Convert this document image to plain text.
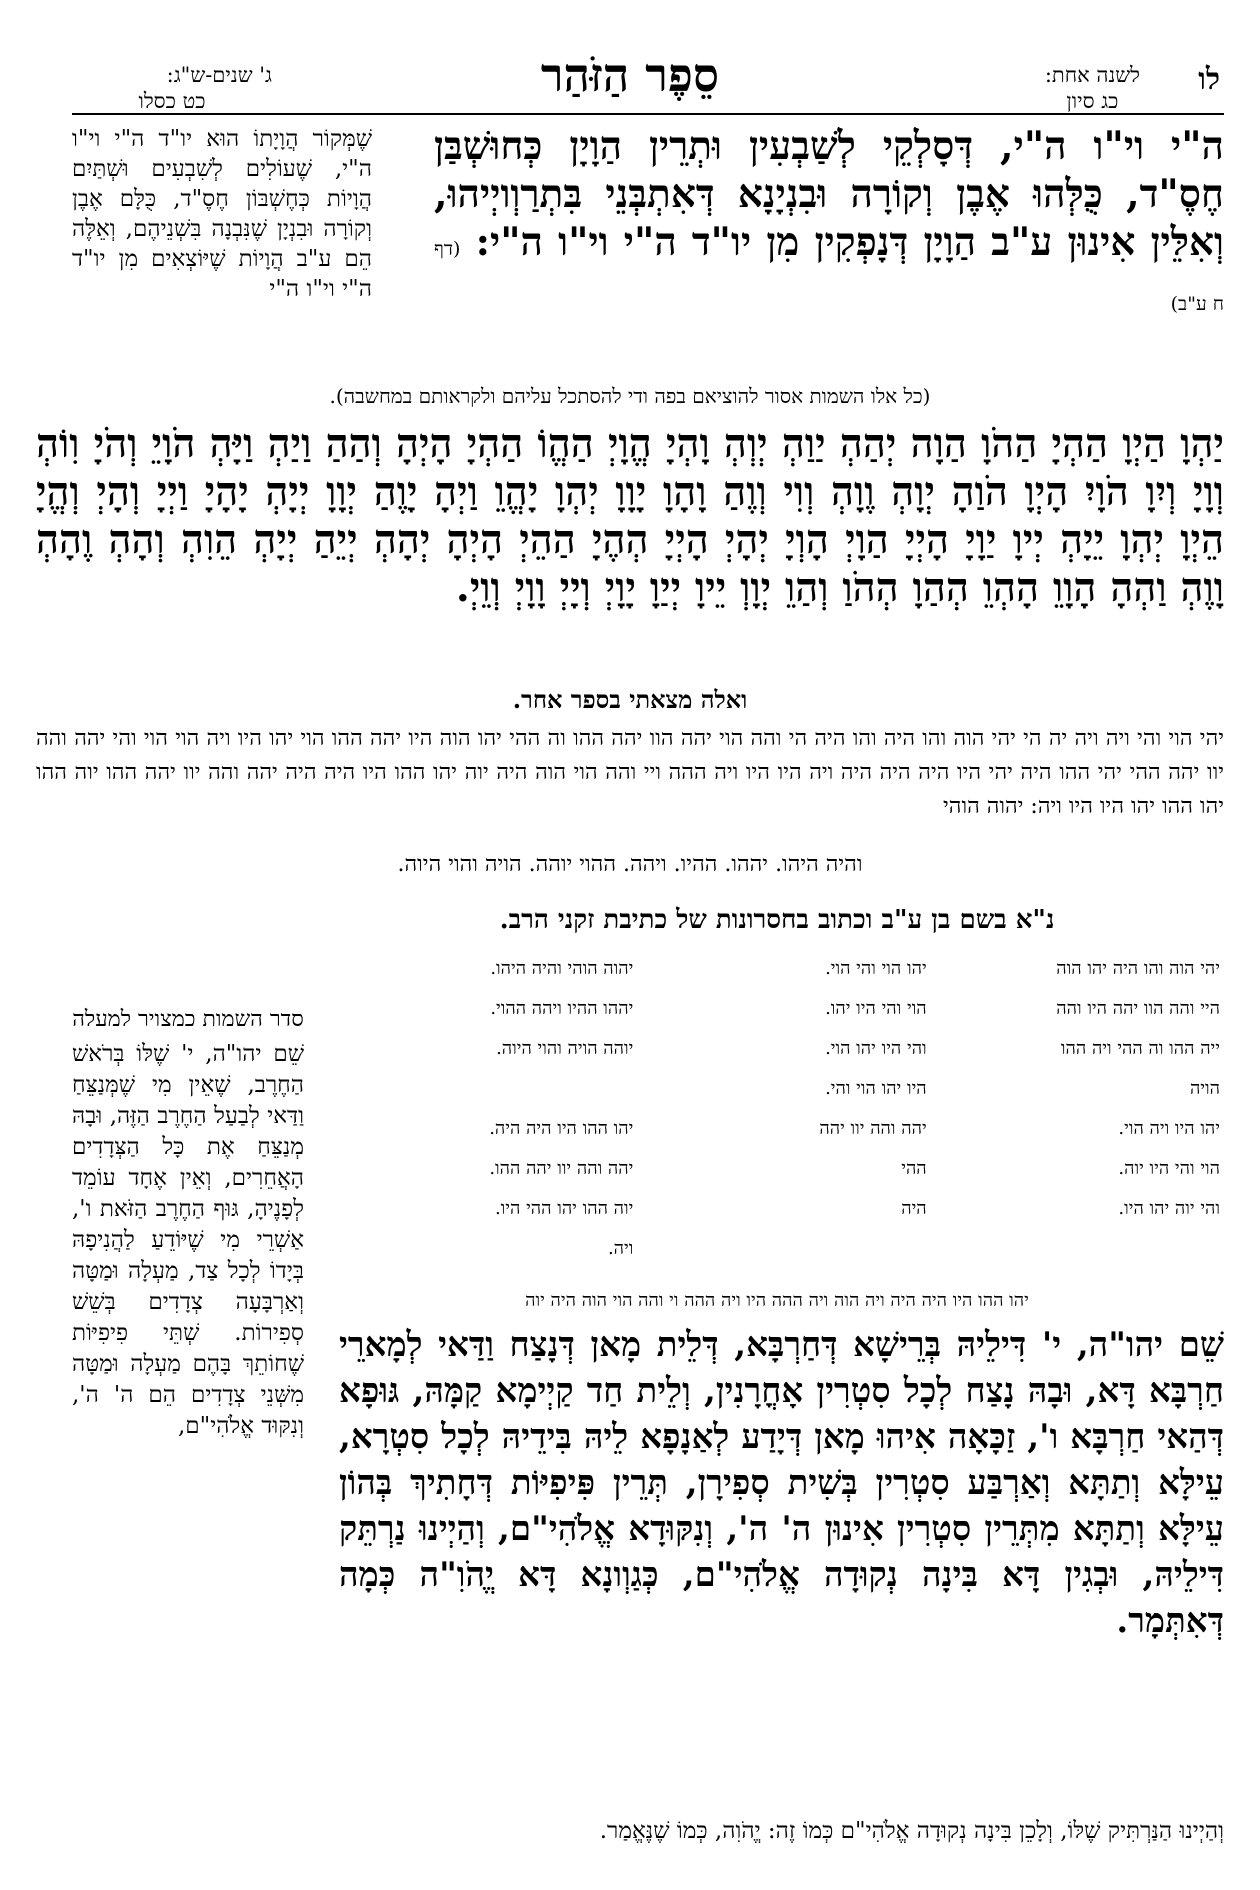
לו
לשנה אחת:
כג סיון
סֵפֶר הַזֹּהַר
ג' שנים-ש"ג:
כט כסלו
ה"י וי"ו ה"י, דְּסָלְקֵי לְשַׁבְעִין וּתְרֵין הַוָיָן כְּחוּשְׁבַּן חֶסֶ"ד, כֻּלְּהוּ אֶבֶן וְקוֹרָה וּבִנְיָנָא דְּאִתְבְּנֵי בִּתְרַוְויְיהוּ, וְאִלֵּין אִינוּן ע"ב הַוָיָן דְּנָפְקִין מִן יו"ד ה"י וי"ו ה"י: (דף ח ע"ב)
שֶׁמְּקוֹר הֲוָיָתוֹ הוּא יו"ד ה"י וי"ו ה"י, שֶׁעוֹלִים לְשִׁבְעִים וּשְׁתַּיִם הֲוָיוֹת כְּחֶשְׁבּוֹן חֶסֶ"ד, כֻּלָּם אֶבֶן וְקוֹרָה וּבִנְיָן שֶׁנִּבְנָה בִּשְׁנֵיהֶם, וְאֵלֶּה הֵם ע"ב הֲוָיוֹת שֶׁיּוֹצְאִים מִן יו"ד ה"י וי"ו ה"י
(כל אלו השמות אסור להוציאם בפה ודי להסתכל עליהם ולקראותם במחשבה).
יַהְוָ הַיְוָ הַהְיָ הַהֹוָ הַוָה יְהַהְ יַוַהְ יְוְהְ וָהְיָ הֱוָיְ הַהֱוֹ הַהְיָ הָיְהָ וְהַהַ וַיַהְ וַיָּהְ הֹוָיֵ וְהֹיָ וִוֹהְ וְוָיָ וְיִוָ הֹוָיִ הָיְוָ הֹוַהָ יְוָהְ וֶוָהְ וְוִי וְוֶהַ וָהָוָ יָוָוָ יְהְוָ יָהֱוֵ וַיְהָ יָוֶהַ יְוָוָ יְיָהְ יָהָיָ וַיְיָ וְהָיְ וְהֱיָ הֵיְוָ יְהְוָ יֵיָהְ יְיוָ יַוָיָ הָיְיָ הַוָיְ הָוְיָ יְהָיְ הָיְיָ הְהֶיָ הַהֵיְ הָיְהָ יְהָהְ יְיֵהַ יְיָהְ הֵוִהְ וְהָהְ וֶהָהְ וָוֶהְ וַהְהָ הָוָוֵ הָהְוֵ הְהַוָ הְהֹוַ וְהַוֵ יְוָוְ יֵיוָ יְיַוָ יָוָיְ וְיָיְ וָוָיְ וְוֵיְ.
ואלה מצאתי בספר אחר.
יהי הוי והי ויה ויה יה הי יהי הוה והו היה והו היה הי והה הוי יהה הוו יהה ההו וה ההי יהו הוה היו יהה ההו הוי יהו היו ויה הוי הוי והי יהה והה יוו יהה ההי יהי ההו היה יהי היו היה היה היה ויה היו היו ויה ההה ויי והה הוי הוה היה יוה יהו ההו היו היה היה יהה והה יוו יהה ההו יוה ההו יהו ההו יהו היו היו ויה: יהוה הוהי
והיה היהו. יההו. ההיו. ויהה. ההוי יוהה. הויה והוי היוה.
נ"א בשם בן ע"ב וכתוב בחסרונות של כתיבת זקני הרב.
יהי הוה והו היה יהו הוה	יהו הוי והי הוי.	יהוה הוהי והיה היהו.
היי והה הוו יהה היו והה	הוי והי היו יהו.	יההו ההיו ויהה ההוי.
ייה ההו וה ההי ויה ההו	והי היו יהו הוי.	יוהה הויה והוי היוה.
הויה	היו יהו הוי והי.	
יהו היו ויה הוי.	יהה והה יוו יהה	יהו ההו היו היה היה.
הוי והי היו יוה.	ההי	יהה והה יוו יהה ההו.
והי יוה יהו היו.	היה	יוה ההו יהו ההי היו.
		ויה.
יהו ההו היו היה היה ויה הוה ויה ההה היו ויה ההה וי והה הוי הוה היה יוה
סדר השמות כמצויר למעלה
שֵׁם יהו"ה, י' שֶׁלּוֹ בְּרֹאשׁ הַחֶרֶב, שֶׁאֵין מִי שֶׁמְּנַצֵּחַ וַדַּאי לְבַעַל הַחֶרֶב הַזֶּה, וּבָהּ מְנַצֵּחַ אֶת כָּל הַצְּדָדִים הָאֲחֵרִים, וְאֵין אֶחָד עוֹמֵד לְפָנֶיהָ, גּוּף הַחֶרֶב הַזֹּאת ו', אַשְׁרֵי מִי שֶׁיּוֹדֵעַ לַהֲנִיפָהּ בְּיָדוֹ לְכָל צַד, מַעְלָה וּמַטָּה וְאַרְבָּעָה צְדָדִים בְּשֵׁשׁ סְפִירוֹת. שְׁתֵּי פִיפִיּוֹת שֶׁחוֹתֵךְ בָּהֶם מַעְלָה וּמַטָּה מִשְּׁנֵי צְדָדִים הֵם ה' ה', וְנִקּוּד אֱלֹהִי"ם,
שֵׁם יהו"ה, י' דִּילֵיהּ בְּרֵישָׁא דְּחַרְבָּא, דְּלֵית מָאן דְּנָצַח וַדַּאי לְמָארֵי חַרְבָּא דָּא, וּבָהּ נָצַח לְכָל סִטְרִין אָחֳרָנִין, וְלֵית חַד קַיְימָא קַמָּהּ, גּוּפָא דְּהַאי חַרְבָּא ו', זַכָּאָה אִיהוּ מָאן דְּיָדַע לְאַנָפָא לֵיהּ בִּידֵיהּ לְכָל סִטְרָא, עֵילָּא וְתַתָּא וְאַרְבַּע סִטְרִין בְּשִׁית סְפִירָן, תְּרֵין פִּיפִיּוֹת דְּחָתִיךְ בְּהוֹן עֵילָּא וְתַתָּא מִתְּרֵין סִטְרִין אִינוּן ה' ה', וְנִקּוּדָא אֱלֹהִי"ם, וְהַיְינוּ נַרְתֵּק דִּילֵיהּ, וּבְגִין דָּא בִּינָה נְקוּדָה אֱלֹהִי"ם, כְּגַוְונָא דָּא יֱהֹוִ"ה כְּמָה דְּאִתְּמָר.
וְהַיְינוּ הַנַּרְתִּיק שֶׁלּוֹ, וְלָכֵן בִּינָה נְקוּדָה אֱלֹהִי"ם כְּמוֹ זֶה: יֱהֹוִה, כְּמוֹ שֶׁנֶּאֱמַר.
